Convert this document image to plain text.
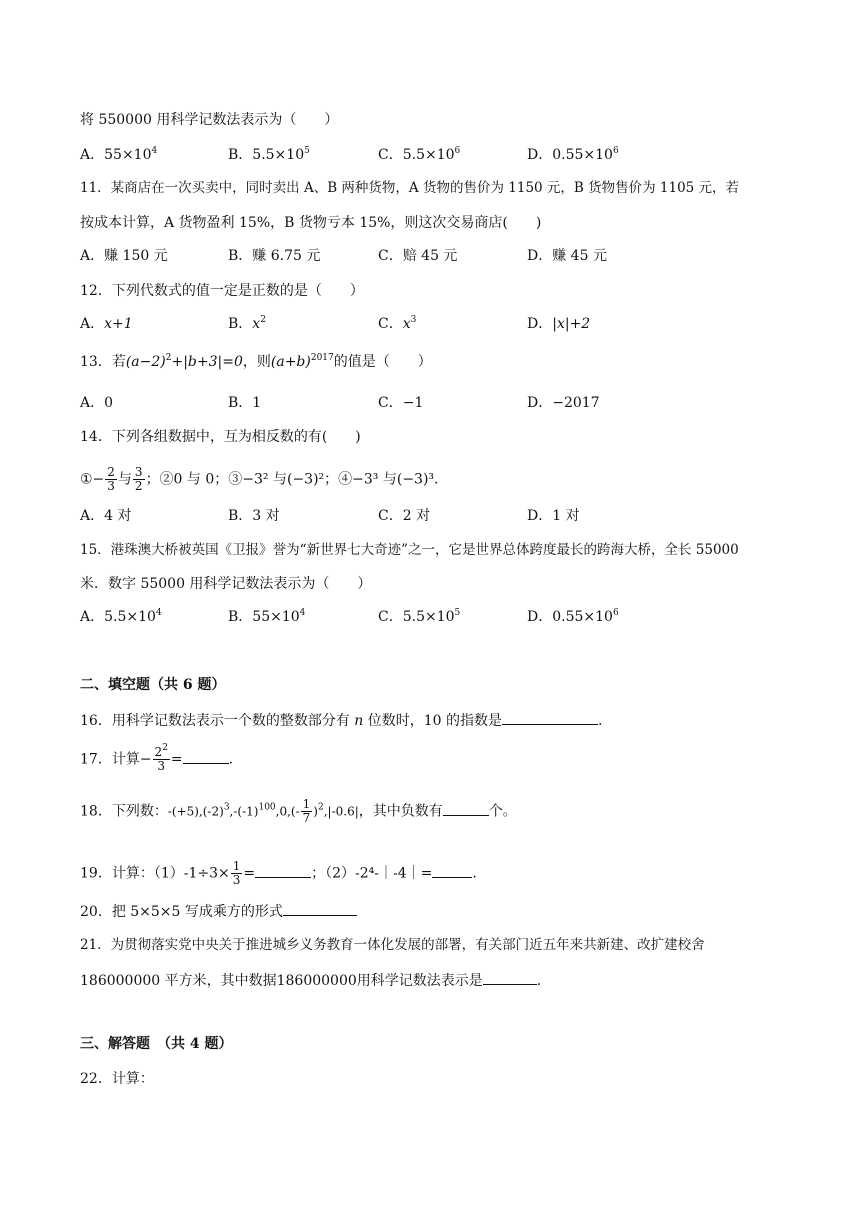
将 550000 用科学记数法表示为（　　）
A．$55\times 10^4$	B．$5.5\times 10^5$	C．$5.5\times 10^6$	D．$0.55\times 10^6$
11．某商店在一次买卖中，同时卖出 A、B 两种货物，A 货物的售价为 1150 元，B 货物售价为 1105 元，若
按成本计算，A 货物盈利 15%，B 货物亏本 15%，则这次交易商店(　　)
A．赚 150 元	B．赚 6.75 元	C．赔 45 元	D．赚 45 元
12．下列代数式的值一定是正数的是（　　）
A．x+1	B．$x^2$	C．$x^3$	D．|x|+2
13．若$(a-2)^2+|b+3|=0$，则$(a+b)^{2017}$的值是（　　）
A．0	B．1	C．−1	D．−2017
14．下列各组数据中，互为相反数的有(　　)
①− $\frac{2}{3}$ 与 $\frac{3}{2}$ ；②0 与 0；③−3² 与(−3)²；④−3³ 与(−3)³.
A．4 对	B．3 对	C．2 对	D．1 对
15．港珠澳大桥被英国《卫报》誉为“新世界七大奇迹”之一，它是世界总体跨度最长的跨海大桥，全长 55000
米．数字 55000 用科学记数法表示为（　　）
A．$5.5\times 10^4$	B．$55\times 10^4$	C．$5.5\times 10^5$	D．$0.55\times 10^6$
二、填空题（共 6 题）
16．用科学记数法表示一个数的整数部分有 n 位数时，10 的指数是	.
17．计算− $\frac{2^2}{3}$ =	.
18．下列数：$-(+5),(-2)^3,-(-1)^{100},0,(- \frac{1}{7} )^2,|-0.6|$，其中负数有	个。
19．计算：$(1)-1\div 3\times \frac{1}{3}$ =	；（2）-2⁴-｜-4｜=	.
20．把 5×5×5 写成乘方的形式
21．为贯彻落实党中央关于推进城乡义务教育一体化发展的部署，有关部门近五年来共新建、改扩建校舍
186000000 平方米，其中数据186000000用科学记数法表示是	.
三、解答题　（共 4 题）
22．计算：
